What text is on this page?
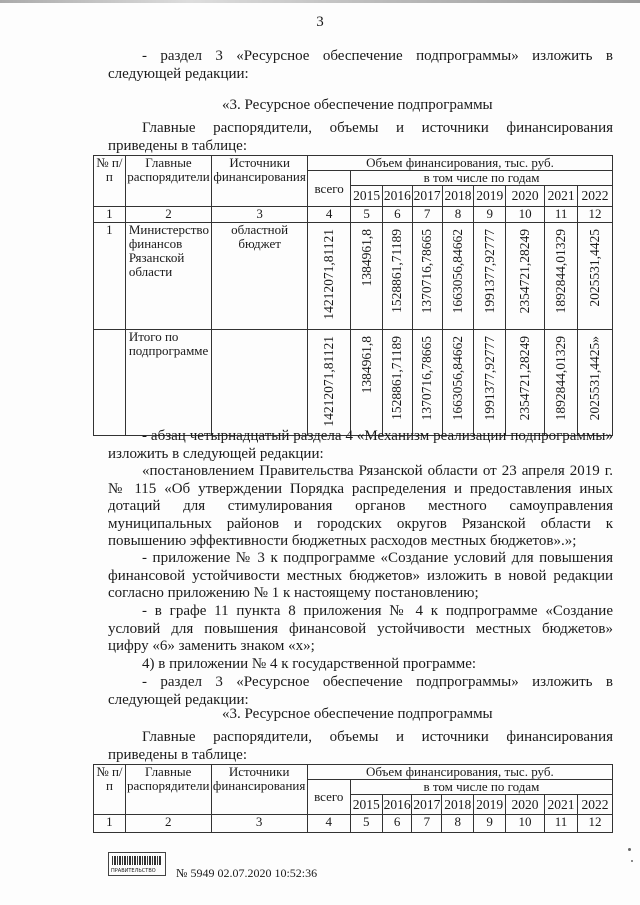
3
- раздел 3 «Ресурсное обеспечение подпрограммы» изложить в следующей редакции:
«3. Ресурсное обеспечение подпрограммы
Главные распорядители, объемы и источники финансирования приведены в таблице:
№ п/п	Главные распорядители	Источники финансирования	Объем финансирования, тыс. руб.								
			всего	в том числе по годам							
				2015	2016	2017	2018	2019	2020	2021	2022
1	2	3	4	5	6	7	8	9	10	11	12
1	Министерство финансов Рязанской области	областной бюджет	14212071,81121	1384961,8	1528861,71189	1370716,78665	1663056,84662	1991377,92777	2354721,28249	1892844,01329	2025531,4425
	Итого по подпрограмме		14212071,81121	1384961,8	1528861,71189	1370716,78665	1663056,84662	1991377,92777	2354721,28249	1892844,01329	2025531,4425»
- абзац четырнадцатый раздела 4 «Механизм реализации подпрограммы» изложить в следующей редакции:
«постановлением Правительства Рязанской области от 23 апреля 2019 г. № 115 «Об утверждении Порядка распределения и предоставления иных дотаций для стимулирования органов местного самоуправления муниципальных районов и городских округов Рязанской области к повышению эффективности бюджетных расходов местных бюджетов».»;
- приложение № 3 к подпрограмме «Создание условий для повышения финансовой устойчивости местных бюджетов» изложить в новой редакции согласно приложению № 1 к настоящему постановлению;
- в графе 11 пункта 8 приложения № 4 к подпрограмме «Создание условий для повышения финансовой устойчивости местных бюджетов» цифру «6» заменить знаком «х»;
4) в приложении № 4 к государственной программе:
- раздел 3 «Ресурсное обеспечение подпрограммы» изложить в следующей редакции:
«3. Ресурсное обеспечение подпрограммы
Главные распорядители, объемы и источники финансирования приведены в таблице:
№ п/п	Главные распорядители	Источники финансирования	Объем финансирования, тыс. руб.								
			всего	в том числе по годам							
				2015	2016	2017	2018	2019	2020	2021	2022
1	2	3	4	5	6	7	8	9	10	11	12
ПРАВИТЕЛЬСТВО № 5949 02.07.2020 10:52:36
